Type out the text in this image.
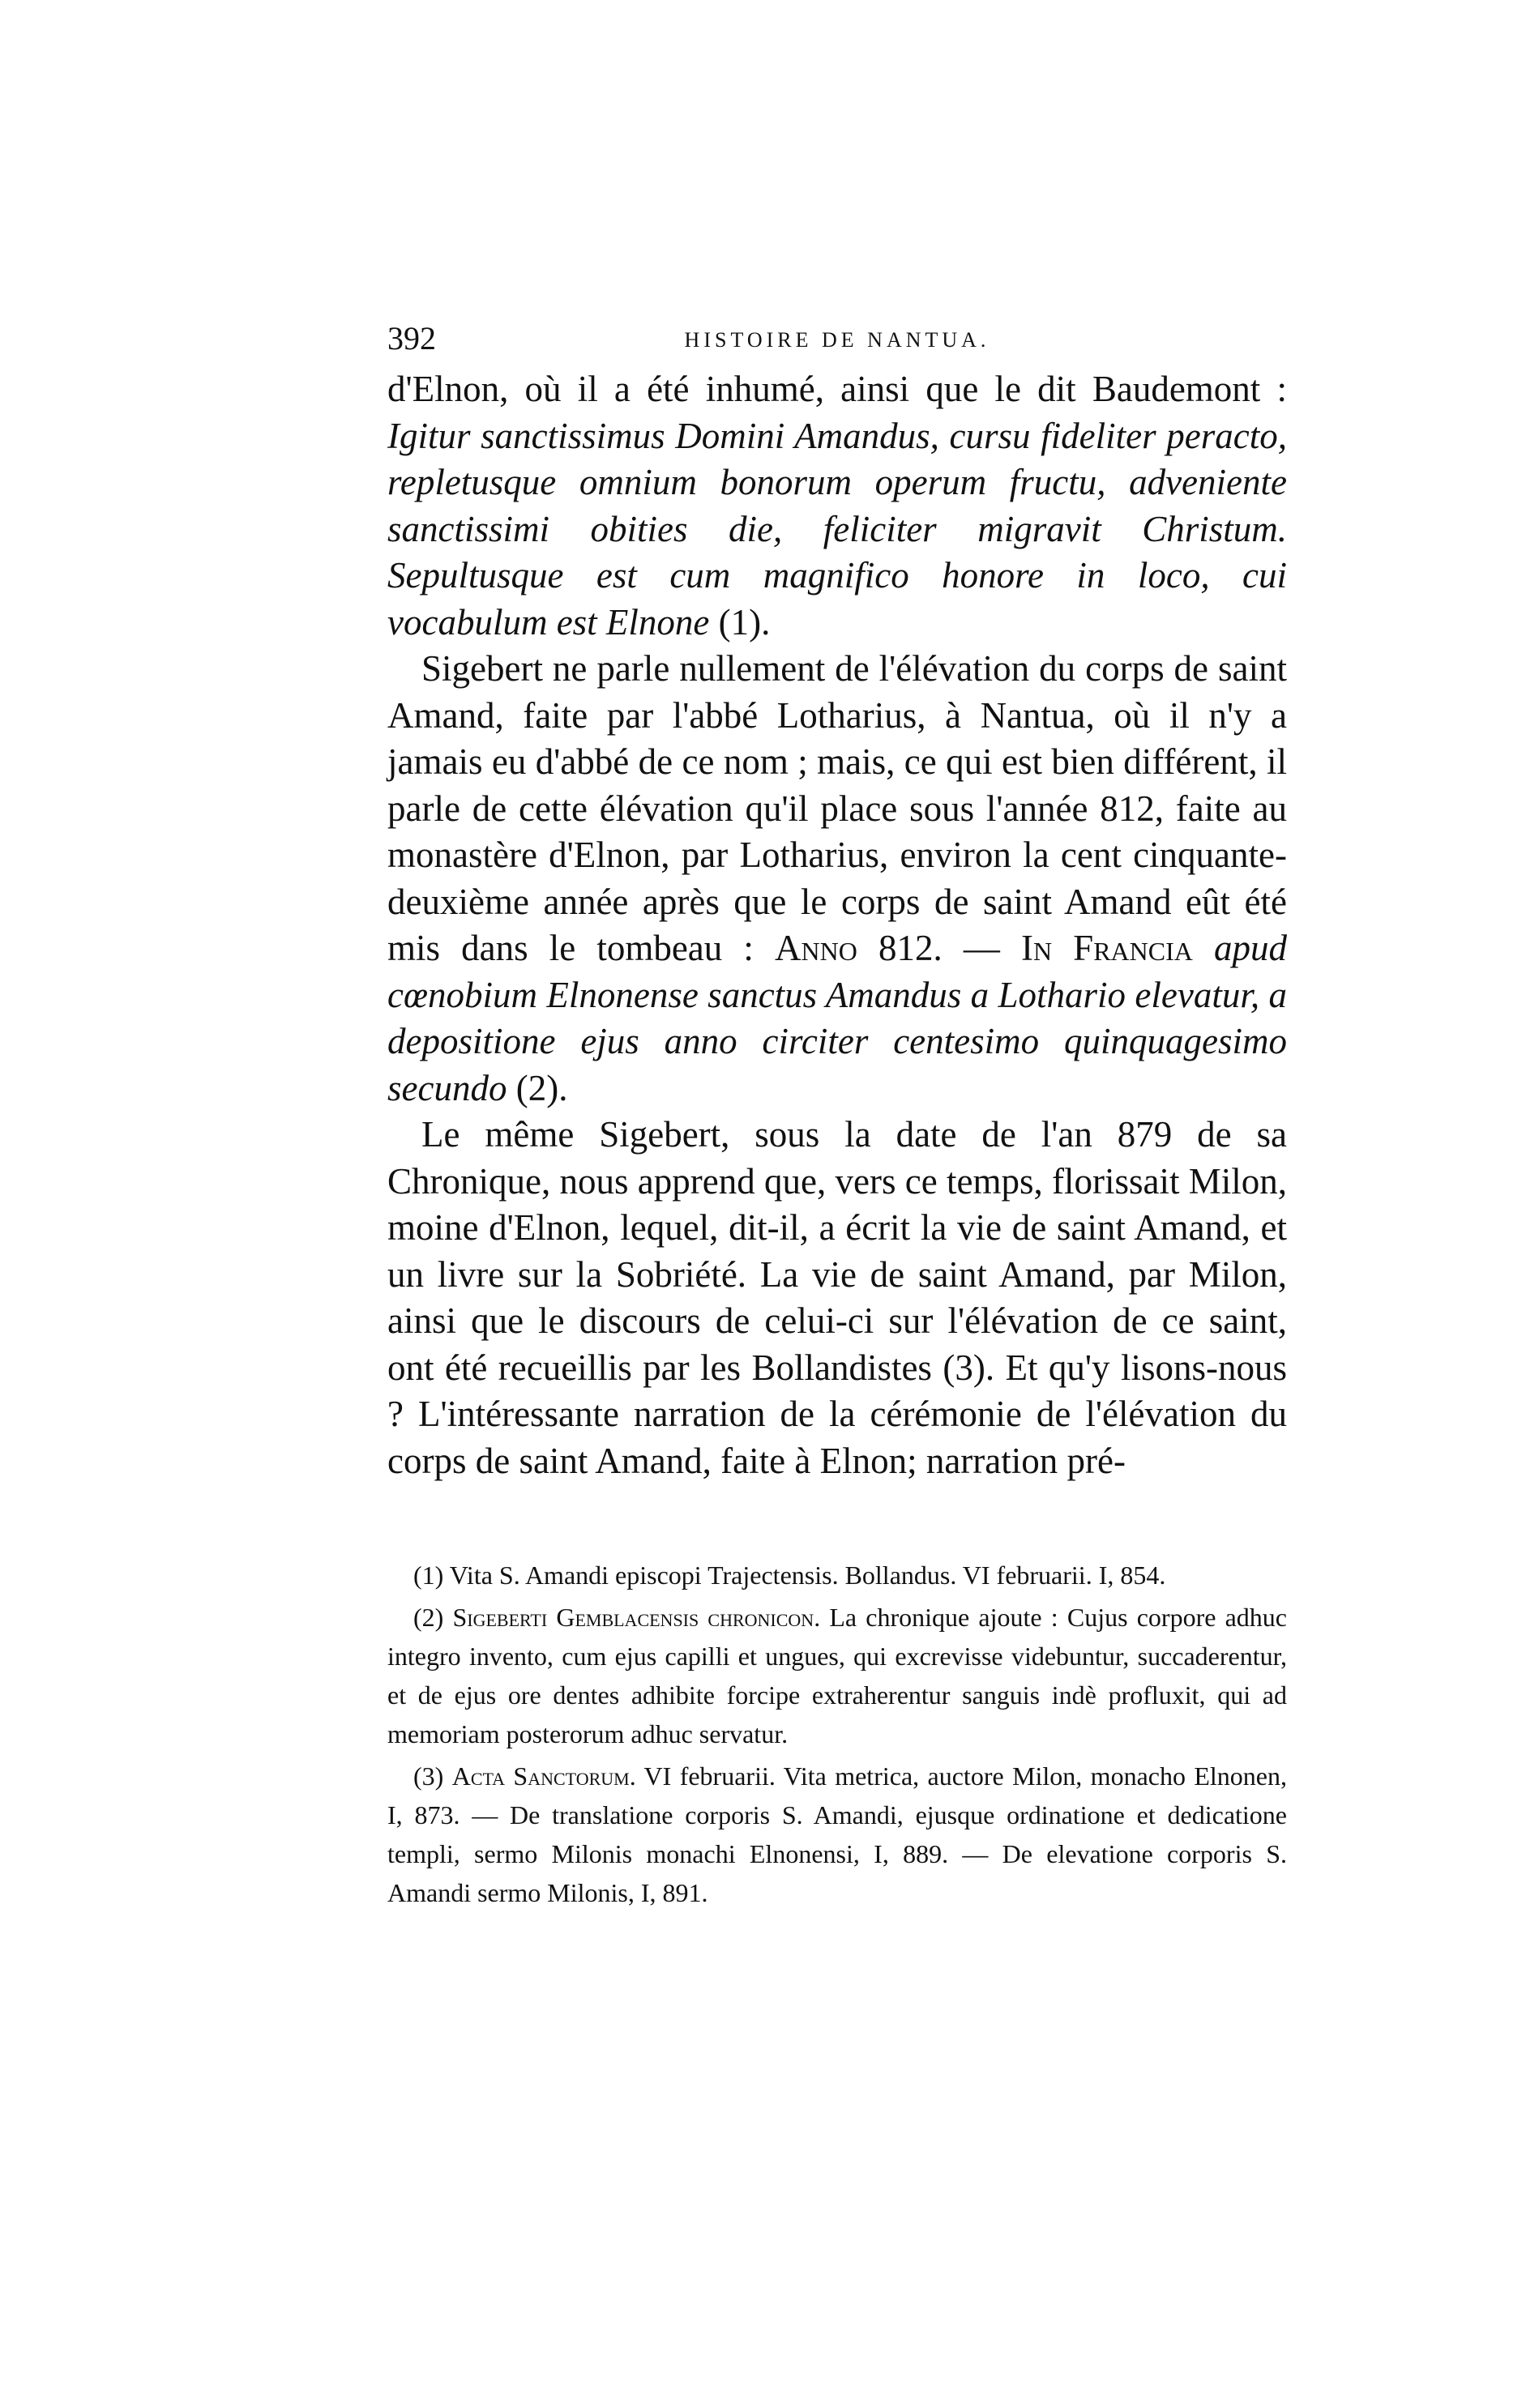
392	HISTOIRE DE NANTUA.

d'Elnon, où il a été inhumé, ainsi que le dit Baudemont : Igitur sanctissimus Domini Amandus, cursu fideliter peracto, repletusque omnium bonorum operum fructu, adveniente sanctissimi obities die, feliciter migravit Christum. Sepultusque est cum magnifico honore in loco, cui vocabulum est Elnone (1).

Sigebert ne parle nullement de l'élévation du corps de saint Amand, faite par l'abbé Lotharius, à Nantua, où il n'y a jamais eu d'abbé de ce nom ; mais, ce qui est bien différent, il parle de cette élévation qu'il place sous l'année 812, faite au monastère d'Elnon, par Lotharius, environ la cent cinquante-deuxième année après que le corps de saint Amand eût été mis dans le tombeau : Anno 812. — In Francia apud cœnobium Elnonense sanctus Amandus a Lothario elevatur, a depositione ejus anno circiter centesimo quinquagesimo secundo (2).

Le même Sigebert, sous la date de l'an 879 de sa Chronique, nous apprend que, vers ce temps, florissait Milon, moine d'Elnon, lequel, dit-il, a écrit la vie de saint Amand, et un livre sur la Sobriété. La vie de saint Amand, par Milon, ainsi que le discours de celui-ci sur l'élévation de ce saint, ont été recueillis par les Bollandistes (3). Et qu'y lisons-nous ? L'intéressante narration de la cérémonie de l'élévation du corps de saint Amand, faite à Elnon; narration pré-

(1) Vita S. Amandi episcopi Trajectensis. Bollandus. VI februarii. I, 854.

(2) Sigeberti Gemblacensis chronicon. La chronique ajoute : Cujus corpore adhuc integro invento, cum ejus capilli et ungues, qui excrevisse videbuntur, succaderentur, et de ejus ore dentes adhibite forcipe extraherentur sanguis indè profluxit, qui ad memoriam posterorum adhuc servatur.

(3) Acta Sanctorum. VI februarii. Vita metrica, auctore Milon, monacho Elnonen, I, 873. — De translatione corporis S. Amandi, ejusque ordinatione et dedicatione templi, sermo Milonis monachi Elnonensi, I, 889. — De elevatione corporis S. Amandi sermo Milonis, I, 891.
